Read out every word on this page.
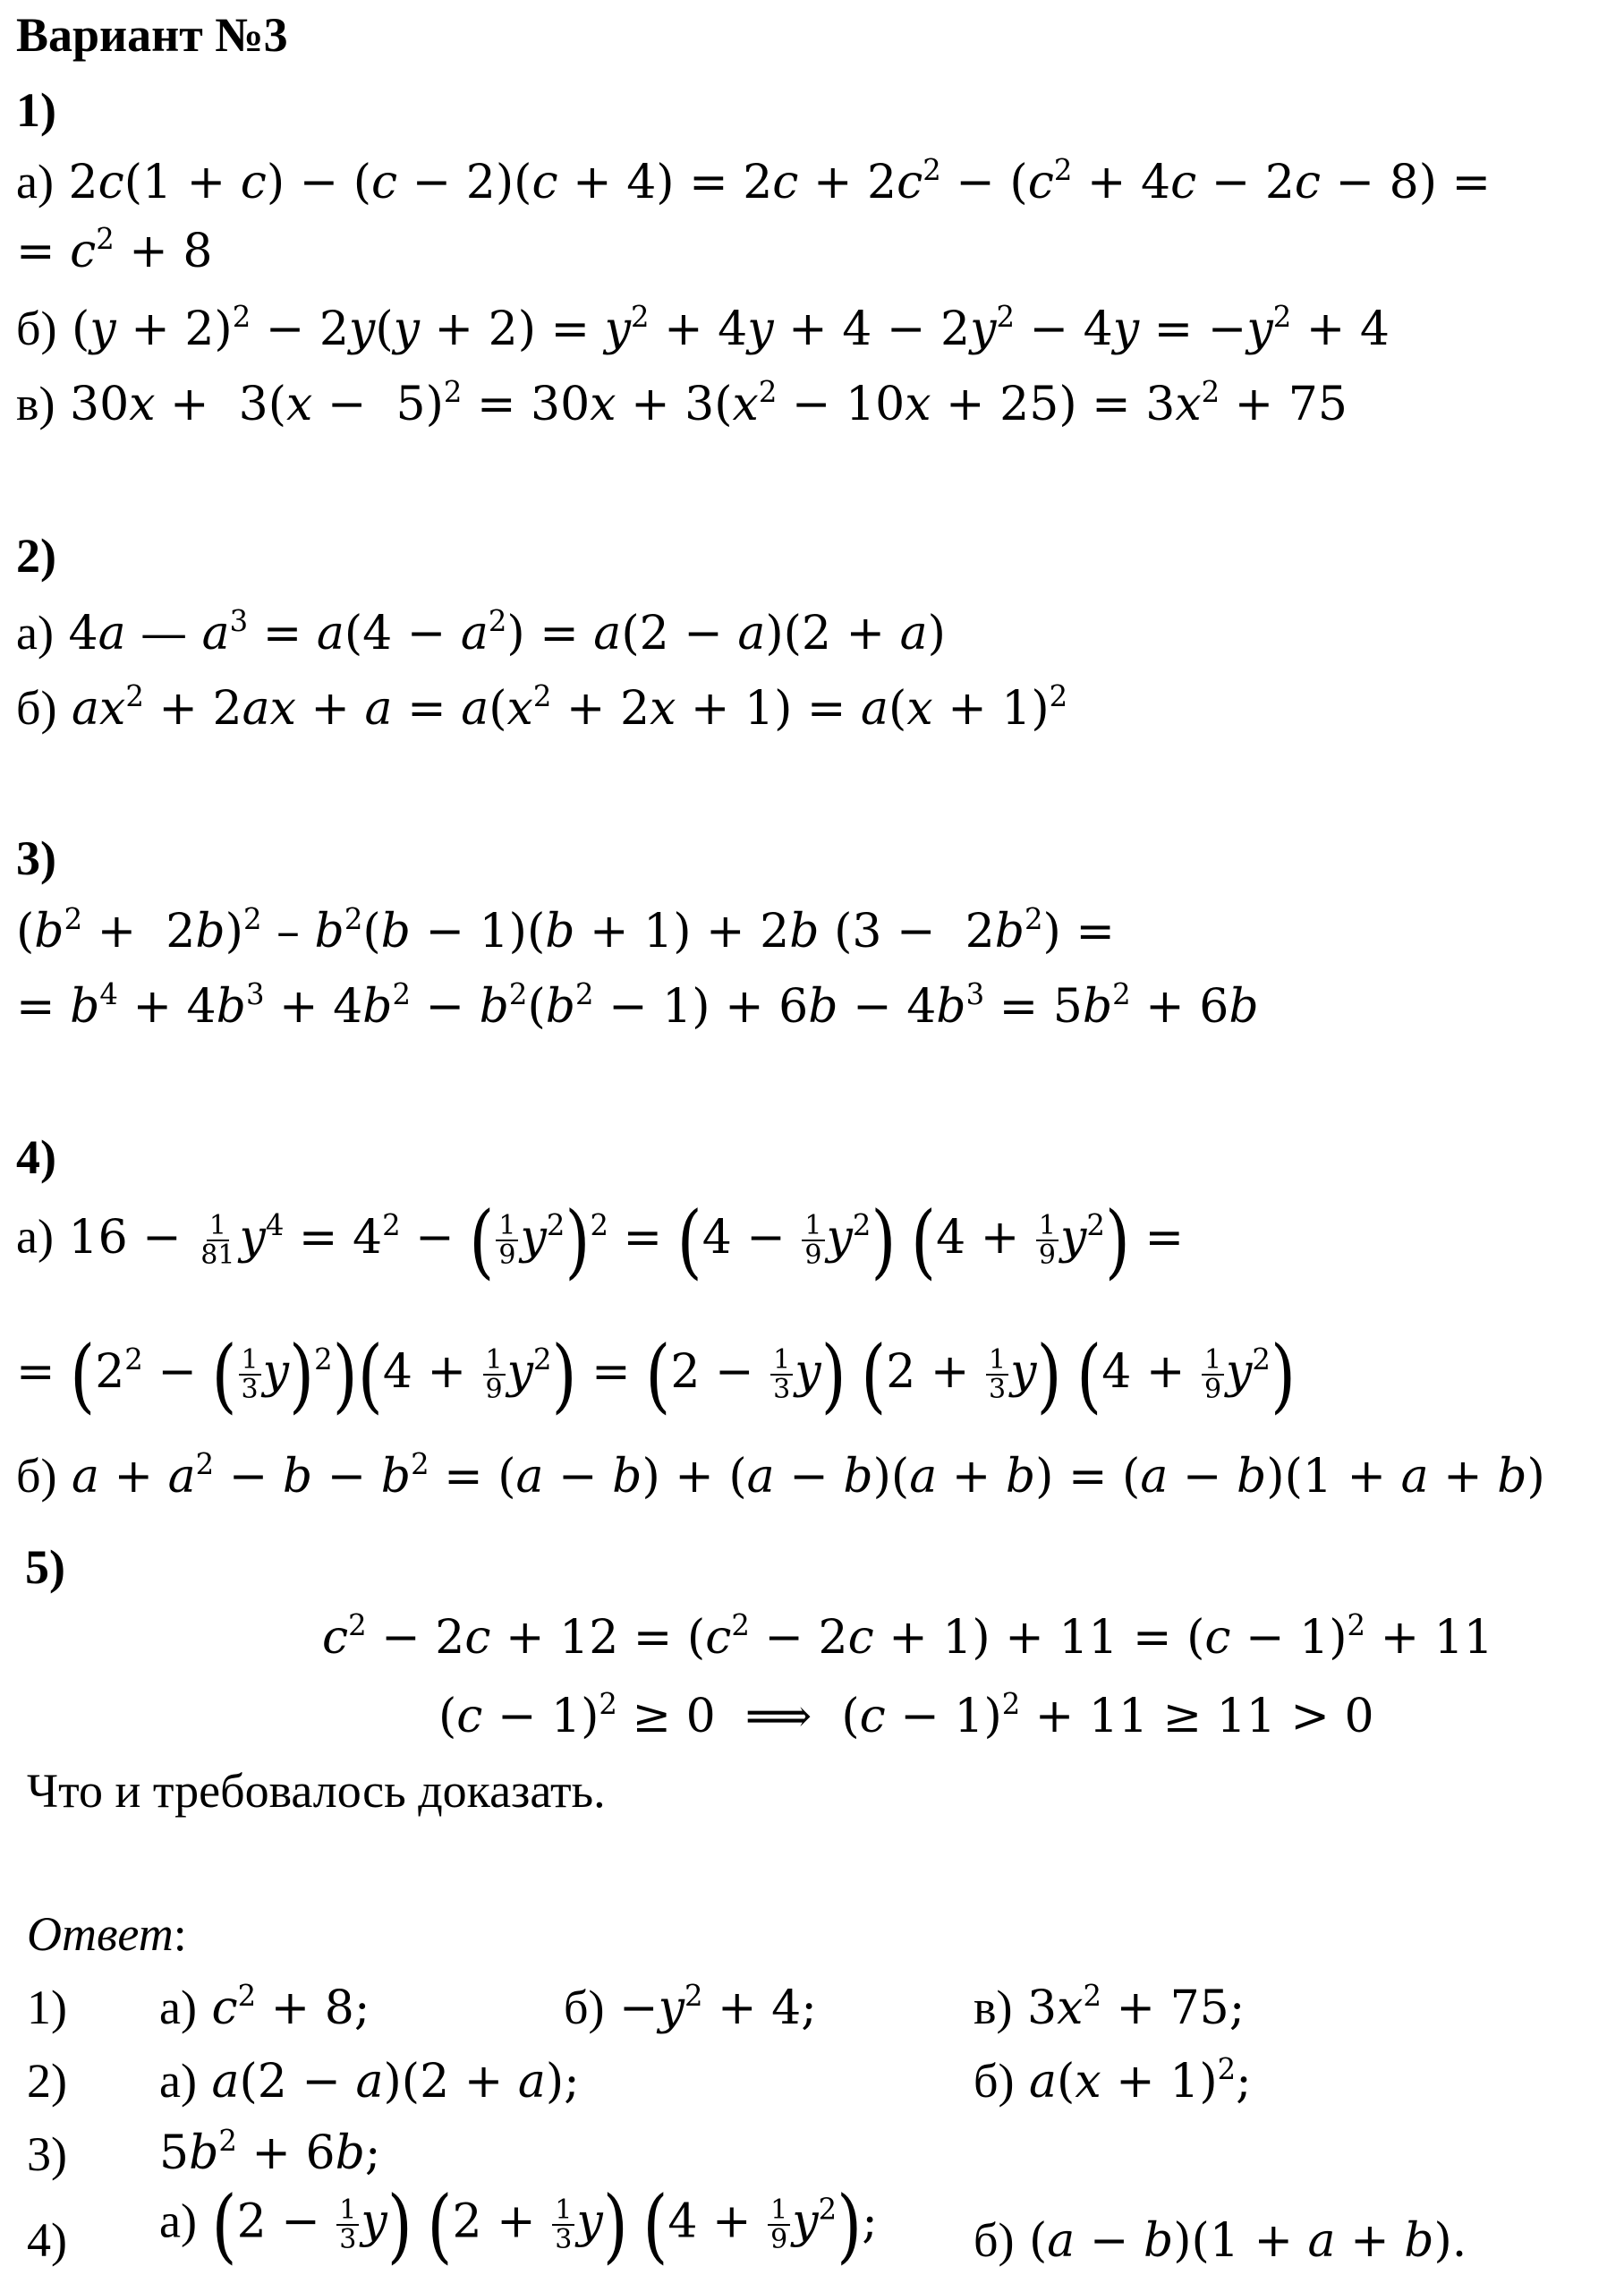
Вариант №3
1)
а) $2c(1 + c) - (c - 2)(c + 4) = 2c + 2c^2 - (c^2 + 4c - 2c - 8)$ =
= $c^2 + 8$
б) $(y + 2)^2 - 2y(y + 2) = y^2 + 4y + 4 - 2y^2 - 4y = -y^2 + 4$
в) $30x + 3(x - 5)^2 = 30x + 3(x^2 - 10x + 25) = 3x^2 + 75$
2)
а) 4a — $a^3 = a(4 - a^2) = a(2 - a)(2 + a)$
б) $ax^2 + 2ax + a = a(x^2 + 2x + 1) = a(x + 1)^2$
3)
$(b^2 + 2b)^2 - b^2(b - 1)(b + 1) + 2b$ $(3 - 2b^2)$ =
= $b^4 + 4b^3 + 4b^2 - b^2(b^2 - 1) + 6b - 4b^3 = 5b^2 + 6b$
4)
а) $16 - \frac{1}{81} y^4 = 4^2$ − ( $\frac{1}{9} y^2)^2 = (4 - \frac{1}{9} y^2)$ $(4 + \frac{1}{9} y^2)$ =
= ($2^2$ − ( $\frac{1}{3} y)^2)(4 + \frac{1}{9} y^2) = (2 - \frac{1}{3} y)$ $(2 + \frac{1}{3} y)$ $(4 + \frac{1}{9} y^2)$
б) $a + a^2 - b - b^2 = (a - b) + (a - b)(a + b) = (a - b)(1 + a + b)$
5)
$c^2 - 2c + 12 = (c^2 - 2c + 1) + 11 = (c - 1)^2 + 11$
$(c - 1)^2 \ge 0$  ⟹  $(c - 1)^2 + 11 \ge 11 > 0$
Что и требовалось доказать.
Ответ:
1) а) $c^2 + 8$;	$б) -y^2 + 4$;	в) $3x^2 + 75$;
2) а) a(2 − a)(2 + a);	б) $a(x + 1)^2$;
3) $5b^2 + 6b$;
4) а) $(2 - \frac{1}{3} y)$ $(2 + \frac{1}{3} y)$ $(4 + \frac{1}{9} y^2)$; б) (a − b)(1 + a + b).
